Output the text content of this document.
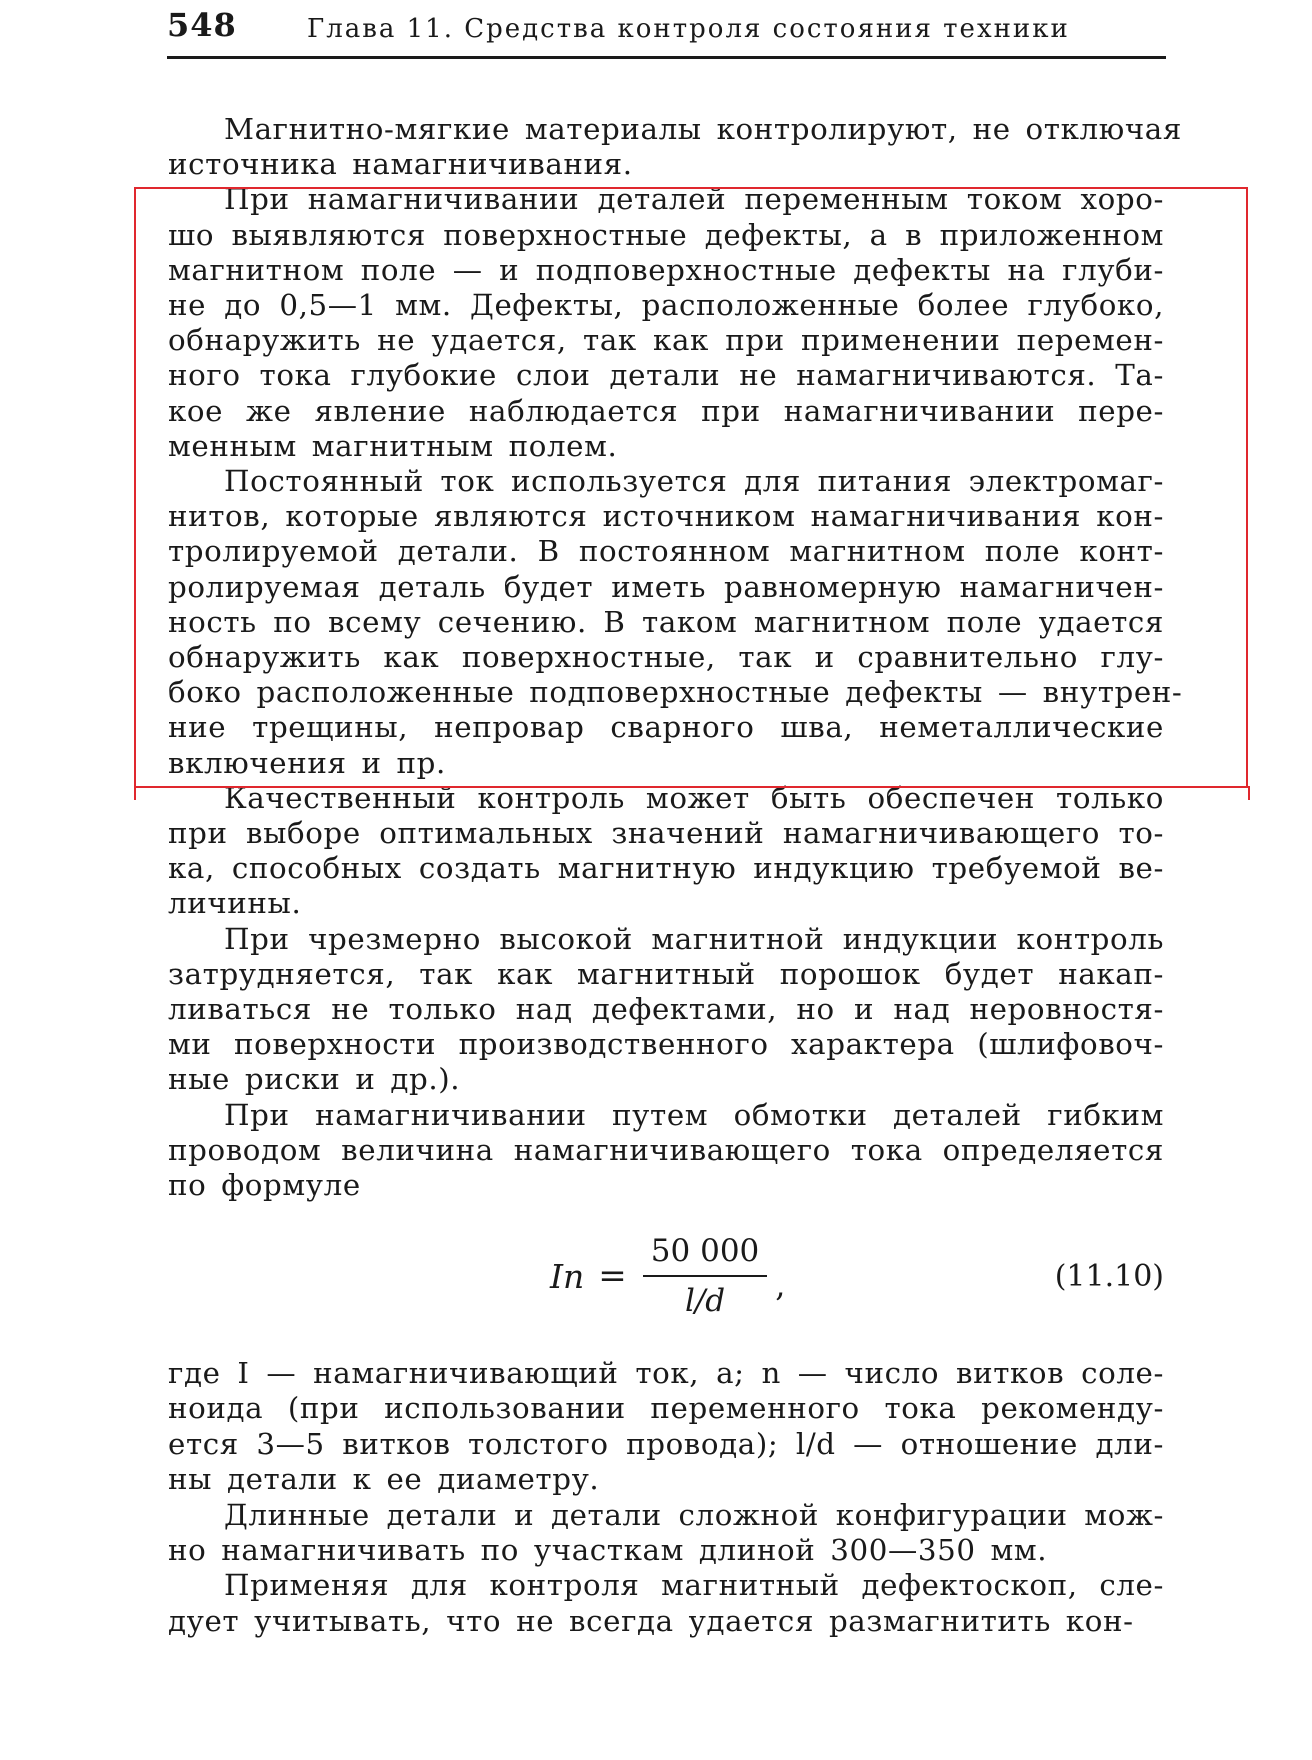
548	Глава 11. Средства контроля состояния техники
Магнитно-мягкие материалы контролируют, не отключая
источника намагничивания.
При намагничивании деталей переменным током хоро-
шо выявляются поверхностные дефекты, а в приложенном
магнитном поле — и подповерхностные дефекты на глуби-
не до 0,5—1 мм. Дефекты, расположенные более глубоко,
обнаружить не удается, так как при применении перемен-
ного тока глубокие слои детали не намагничиваются. Та-
кое же явление наблюдается при намагничивании пере-
менным магнитным полем.
Постоянный ток используется для питания электромаг-
нитов, которые являются источником намагничивания кон-
тролируемой детали. В постоянном магнитном поле конт-
ролируемая деталь будет иметь равномерную намагничен-
ность по всему сечению. В таком магнитном поле удается
обнаружить как поверхностные, так и сравнительно глу-
боко расположенные подповерхностные дефекты — внутрен-
ние трещины, непровар сварного шва, неметаллические
включения и пр.
Качественный контроль может быть обеспечен только
при выборе оптимальных значений намагничивающего то-
ка, способных создать магнитную индукцию требуемой ве-
личины.
При чрезмерно высокой магнитной индукции контроль
затрудняется, так как магнитный порошок будет накап-
ливаться не только над дефектами, но и над неровностя-
ми поверхности производственного характера (шлифовоч-
ные риски и др.).
При намагничивании путем обмотки деталей гибким
проводом величина намагничивающего тока определяется
по формуле
$In = \frac{50 000}{l/d}$ ,	(11.10)
где I — намагничивающий ток, а; n — число витков соле-
ноида (при использовании переменного тока рекоменду-
ется 3—5 витков толстого провода); l/d — отношение дли-
ны детали к ее диаметру.
Длинные детали и детали сложной конфигурации мож-
но намагничивать по участкам длиной 300—350 мм.
Применяя для контроля магнитный дефектоскоп, сле-
дует учитывать, что не всегда удается размагнитить кон-
